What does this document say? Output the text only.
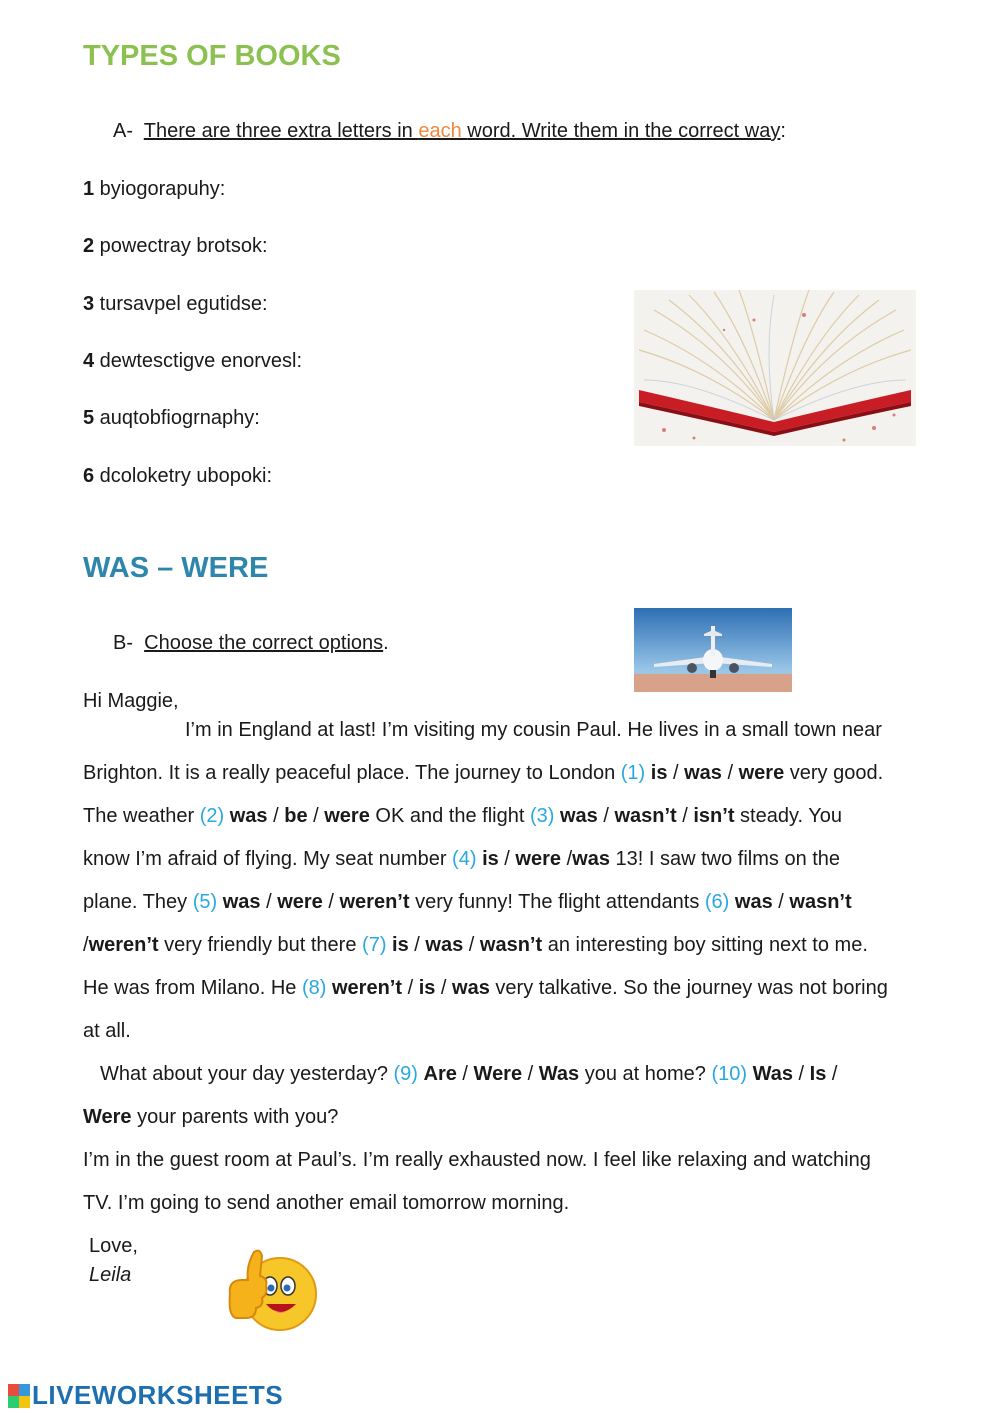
TYPES OF BOOKS
A- There are three extra letters in each word. Write them in the correct way:
1 byiogorapuhy:
2 powectray brotsok:
3 tursavpel egutidse:
4 dewtesctigve enorvesl:
5 auqtobfiogrnaphy:
6 dcoloketry ubopoki:
WAS – WERE
B- Choose the correct options.
Hi Maggie,
I’m in England at last! I’m visiting my cousin Paul. He lives in a small town near
Brighton. It is a really peaceful place. The journey to London (1) is / was / were very good.
The weather (2) was / be / were OK and the flight (3) was / wasn’t / isn’t steady. You
know I’m afraid of flying. My seat number (4) is / were /was 13! I saw two films on the
plane. They (5) was / were / weren’t very funny! The flight attendants (6) was / wasn’t
/weren’t very friendly but there (7) is / was / wasn’t an interesting boy sitting next to me.
He was from Milano. He (8) weren’t / is / was very talkative. So the journey was not boring
at all.
What about your day yesterday? (9) Are / Were / Was you at home? (10) Was / Is /
Were your parents with you?
I’m in the guest room at Paul’s. I’m really exhausted now. I feel like relaxing and watching
TV. I’m going to send another email tomorrow morning.
Love,
Leila
LIVEWORKSHEETS
